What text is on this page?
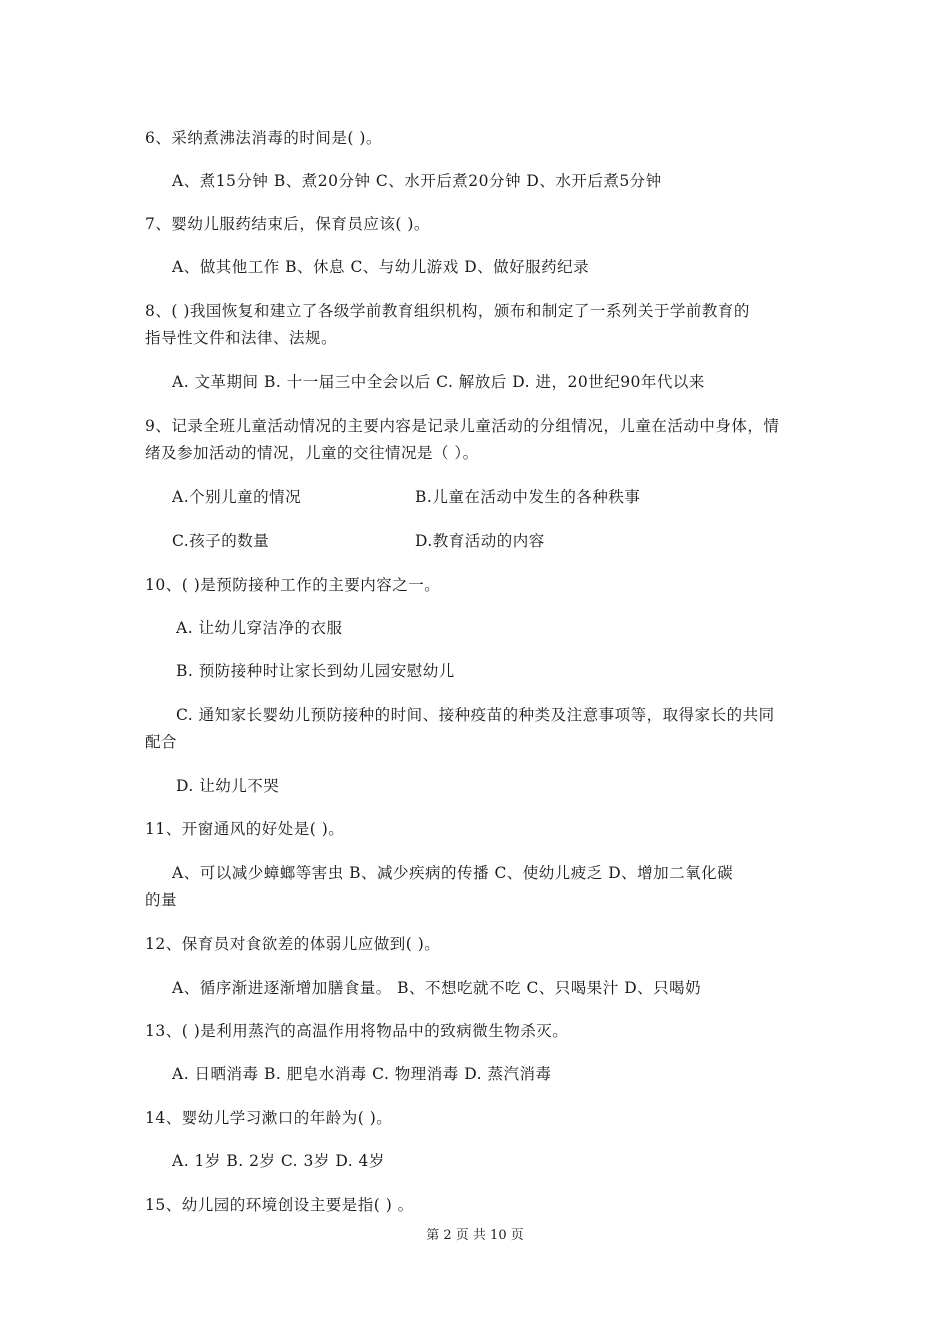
6、采纳煮沸法消毒的时间是( )。
A、煮15分钟 B、煮20分钟 C、水开后煮20分钟 D、水开后煮5分钟
7、婴幼儿服药结束后，保育员应该( )。
A、做其他工作 B、休息 C、与幼儿游戏 D、做好服药纪录
8、( )我国恢复和建立了各级学前教育组织机构，颁布和制定了一系列关于学前教育的
指导性文件和法律、法规。
A. 文革期间 B. 十一届三中全会以后 C. 解放后 D. 进，20世纪90年代以来
9、记录全班儿童活动情况的主要内容是记录儿童活动的分组情况，儿童在活动中身体，情
绪及参加活动的情况，儿童的交往情况是（ ）。
A.个别儿童的情况	B.儿童在活动中发生的各种秩事
C.孩子的数量	D.教育活动的内容
10、( )是预防接种工作的主要内容之一。
A. 让幼儿穿洁净的衣服
B. 预防接种时让家长到幼儿园安慰幼儿
C. 通知家长婴幼儿预防接种的时间、接种疫苗的种类及注意事项等，取得家长的共同
配合
D. 让幼儿不哭
11、开窗通风的好处是( )。
A、可以减少蟑螂等害虫 B、减少疾病的传播 C、使幼儿疲乏 D、增加二氧化碳
的量
12、保育员对食欲差的体弱儿应做到( )。
A、循序渐进逐渐增加膳食量。 B、不想吃就不吃 C、只喝果汁 D、只喝奶
13、( )是利用蒸汽的高温作用将物品中的致病微生物杀灭。
A. 日晒消毒 B. 肥皂水消毒 C. 物理消毒 D. 蒸汽消毒
14、婴幼儿学习漱口的年龄为( )。
A. 1岁 B. 2岁 C. 3岁 D. 4岁
15、幼儿园的环境创设主要是指( ) 。
第 2 页 共 10 页
